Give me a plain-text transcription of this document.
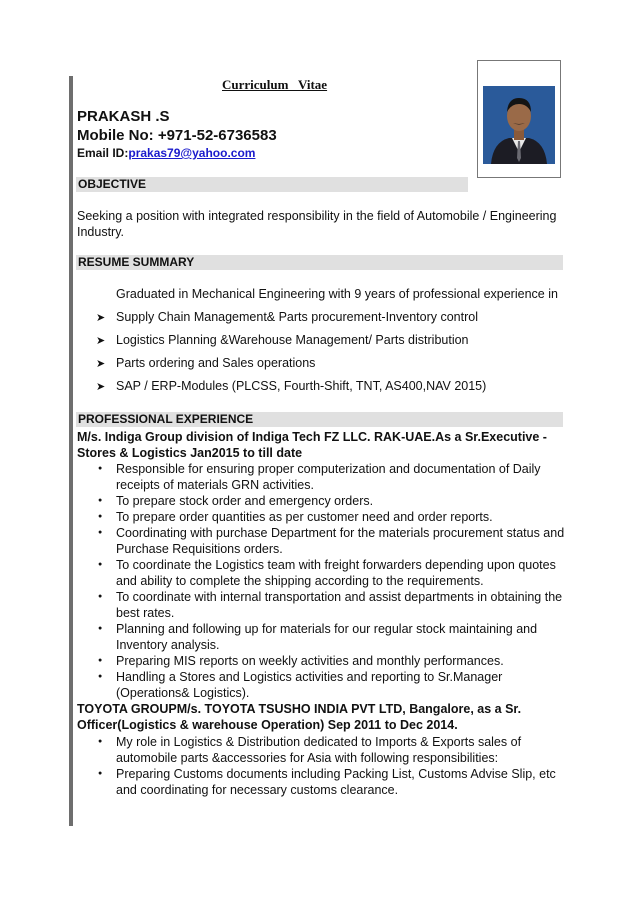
Curriculum   Vitae
PRAKASH .S
Mobile No: +971-52-6736583
Email ID:prakas79@yahoo.com
OBJECTIVE
Seeking a position with integrated responsibility in the field of Automobile / Engineering Industry.
RESUME SUMMARY
Graduated in Mechanical Engineering with 9 years of professional experience in
➤ Supply Chain Management& Parts procurement-Inventory control
➤ Logistics Planning &Warehouse Management/ Parts distribution
➤ Parts ordering and Sales operations
➤ SAP / ERP-Modules (PLCSS, Fourth-Shift, TNT, AS400,NAV 2015)
PROFESSIONAL EXPERIENCE
M/s. Indiga Group division of Indiga Tech FZ LLC. RAK-UAE.As a Sr.Executive - Stores & Logistics Jan2015 to till date
● Responsible for ensuring proper computerization and documentation of Daily receipts of materials GRN activities.
● To prepare stock order and emergency orders.
● To prepare order quantities as per customer need and order reports.
● Coordinating with purchase Department for the materials procurement status and Purchase Requisitions orders.
● To coordinate the Logistics team with freight forwarders depending upon quotes and ability to complete the shipping according to the requirements.
● To coordinate with internal transportation and assist departments in obtaining the best rates.
● Planning and following up for materials for our regular stock maintaining and Inventory analysis.
● Preparing MIS reports on weekly activities and monthly performances.
● Handling a Stores and Logistics activities and reporting to Sr.Manager (Operations& Logistics).
TOYOTA GROUPM/s. TOYOTA TSUSHO INDIA PVT LTD, Bangalore, as a Sr. Officer(Logistics & warehouse Operation) Sep 2011 to Dec 2014.
● My role in Logistics & Distribution dedicated to Imports & Exports sales of automobile parts &accessories for Asia with following responsibilities:
● Preparing Customs documents including Packing List, Customs Advise Slip, etc and coordinating for necessary customs clearance.
